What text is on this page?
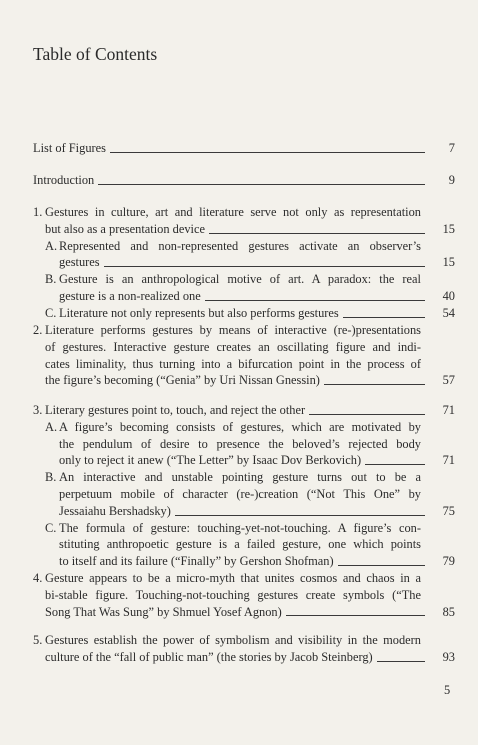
Table of Contents
List of Figures	7
Introduction	9
1. Gestures in culture, art and literature serve not only as representation
but also as a presentation device	15
A. Represented and non-represented gestures activate an observer’s
gestures	15
B. Gesture is an anthropological motive of art. A paradox: the real
gesture is a non-realized one	40
C. Literature not only represents but also performs gestures	54
2. Literature performs gestures by means of interactive (re-)presentations
of gestures. Interactive gesture creates an oscillating figure and indi-
cates liminality, thus turning into a bifurcation point in the process of
the figure’s becoming (“Genia” by Uri Nissan Gnessin)	57
3. Literary gestures point to, touch, and reject the other	71
A. A figure’s becoming consists of gestures, which are motivated by
the pendulum of desire to presence the beloved’s rejected body
only to reject it anew (“The Letter” by Isaac Dov Berkovich)	71
B. An interactive and unstable pointing gesture turns out to be a
perpetuum mobile of character (re-)creation (“Not This One” by
Jessaiahu Bershadsky)	75
C. The formula of gesture: touching-yet-not-touching. A figure’s con-
stituting anthropoetic gesture is a failed gesture, one which points
to itself and its failure (“Finally” by Gershon Shofman)	79
4. Gesture appears to be a micro-myth that unites cosmos and chaos in a
bi-stable figure. Touching-not-touching gestures create symbols (“The
Song That Was Sung” by Shmuel Yosef Agnon)	85
5. Gestures establish the power of symbolism and visibility in the modern
culture of the “fall of public man” (the stories by Jacob Steinberg)	93
5
